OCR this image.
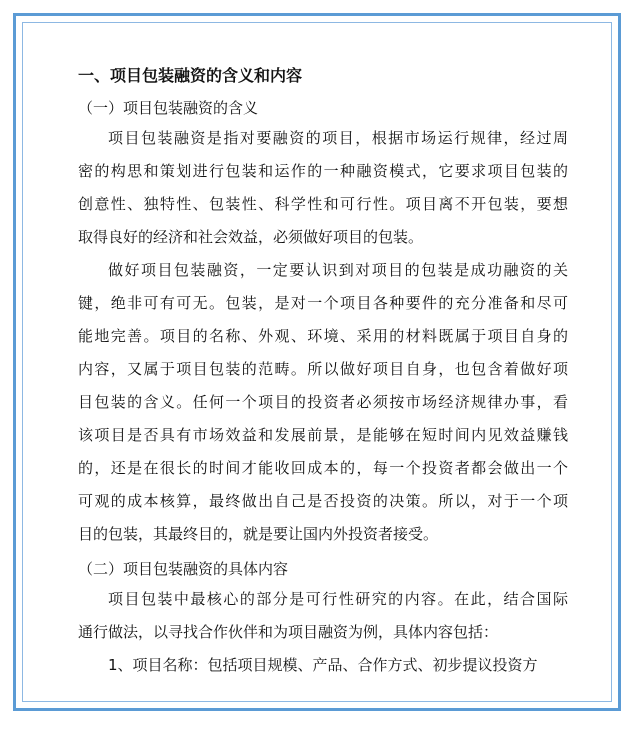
一、项目包装融资的含义和内容
（一）项目包装融资的含义
项目包装融资是指对要融资的项目，根据市场运行规律，经过周
密的构思和策划进行包装和运作的一种融资模式，它要求项目包装的
创意性、独特性、包装性、科学性和可行性。项目离不开包装，要想
取得良好的经济和社会效益，必须做好项目的包装。
做好项目包装融资，一定要认识到对项目的包装是成功融资的关
键，绝非可有可无。包装，是对一个项目各种要件的充分准备和尽可
能地完善。项目的名称、外观、环境、采用的材料既属于项目自身的
内容，又属于项目包装的范畴。所以做好项目自身，也包含着做好项
目包装的含义。任何一个项目的投资者必须按市场经济规律办事，看
该项目是否具有市场效益和发展前景，是能够在短时间内见效益赚钱
的，还是在很长的时间才能收回成本的，每一个投资者都会做出一个
可观的成本核算，最终做出自己是否投资的决策。所以，对于一个项
目的包装，其最终目的，就是要让国内外投资者接受。
（二）项目包装融资的具体内容
项目包装中最核心的部分是可行性研究的内容。在此，结合国际
通行做法，以寻找合作伙伴和为项目融资为例，具体内容包括：
1、项目名称：包括项目规模、产品、合作方式、初步提议投资方
